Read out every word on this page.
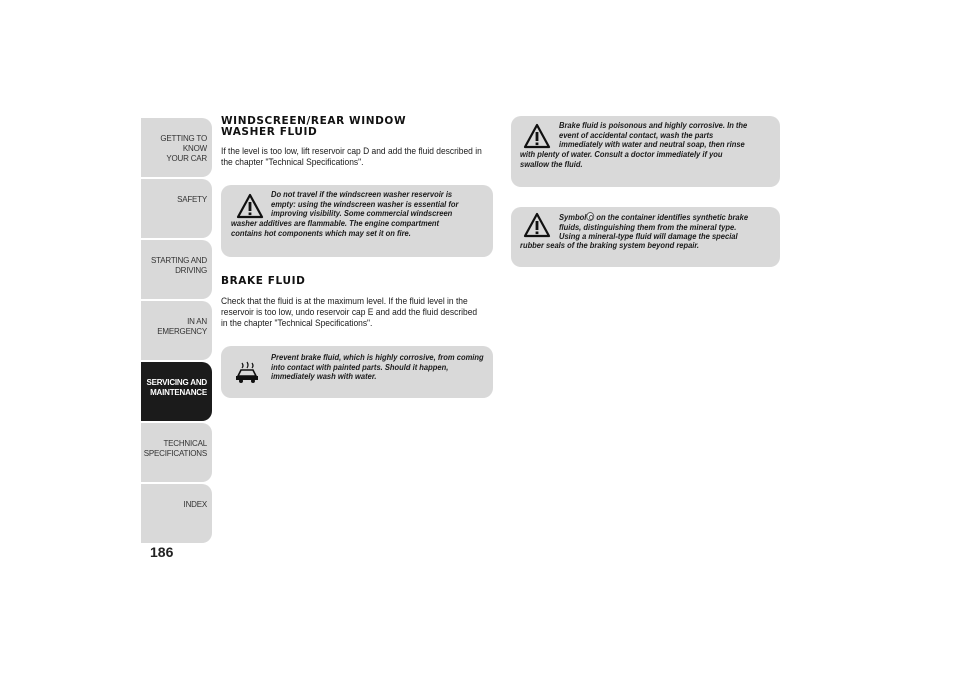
GETTING TO KNOW
YOUR CAR
SAFETY
STARTING AND
DRIVING
IN AN EMERGENCY
SERVICING AND
MAINTENANCE
TECHNICAL
SPECIFICATIONS
INDEX
186
WINDSCREEN/REAR WINDOW
WASHER FLUID

If the level is too low, lift reservoir cap D and add the fluid described in
the chapter "Technical Specifications".

Do not travel if the windscreen washer reservoir is
empty: using the windscreen washer is essential for
improving visibility. Some commercial windscreen

washer additives are flammable. The engine compartment
contains hot components which may set it on fire.

BRAKE FLUID

Check that the fluid is at the maximum level. If the fluid level in the
reservoir is too low, undo reservoir cap E and add the fluid described
in the chapter "Technical Specifications".

Prevent brake fluid, which is highly corrosive, from coming
into contact with painted parts. Should it happen,
immediately wash with water.

Brake fluid is poisonous and highly corrosive. In the
event of accidental contact, wash the parts
immediately with water and neutral soap, then rinse

with plenty of water. Consult a doctor immediately if you
swallow the fluid.

Symbol on the container identifies synthetic brake
fluids, distinguishing them from the mineral type.
Using a mineral-type fluid will damage the special

rubber seals of the braking system beyond repair.
